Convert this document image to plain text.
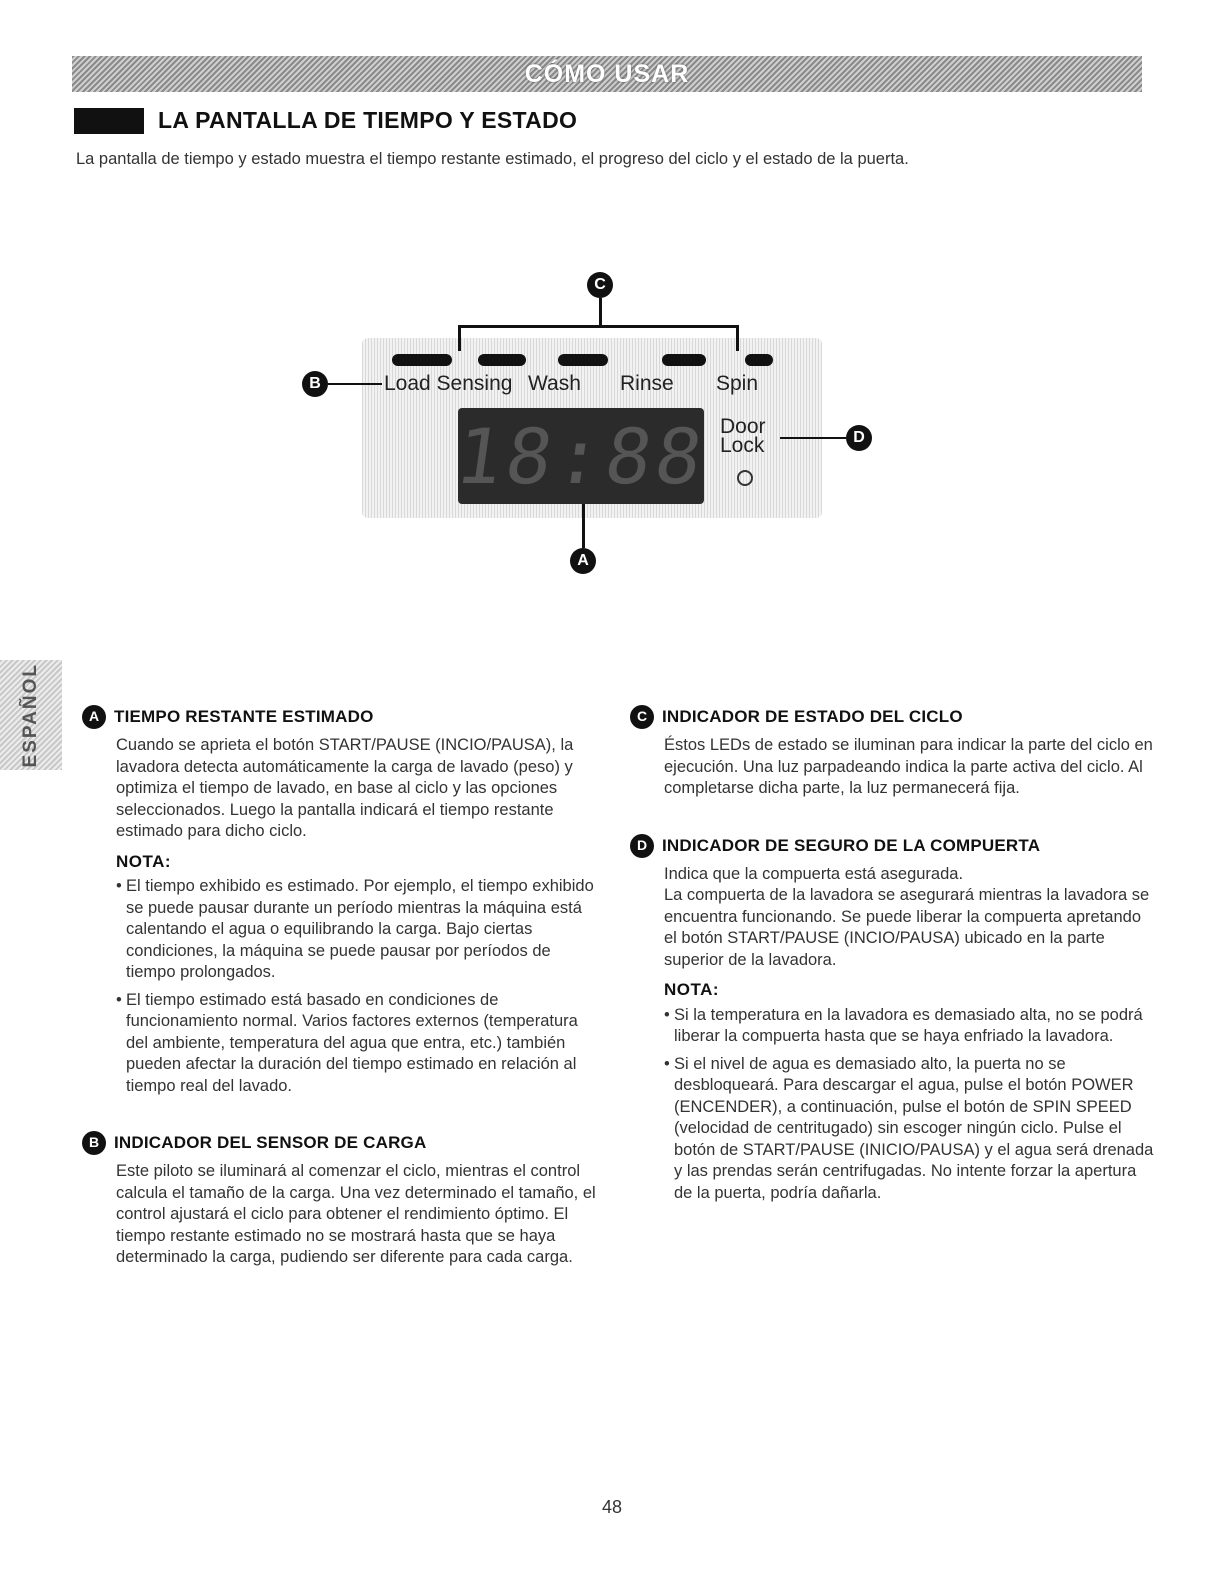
CÓMO USAR
LA PANTALLA DE TIEMPO Y ESTADO

La pantalla de tiempo y estado muestra el tiempo restante estimado, el progreso del ciclo y el estado de la puerta.

Load Sensing Wash Rinse Spin
Door
Lock
18:88
C
B
D
A
ESPAÑOL	A TIEMPO RESTANTE ESTIMADO

Cuando se aprieta el botón START/PAUSE (INCIO/PAUSA), la lavadora detecta automáticamente la carga de lavado (peso) y optimiza el tiempo de lavado, en base al ciclo y las opciones seleccionados. Luego la pantalla indicará el tiempo restante estimado para dicho ciclo.

NOTA:
• El tiempo exhibido es estimado. Por ejemplo, el tiempo exhibido se puede pausar durante un período mientras la máquina está calentando el agua o equilibrando la carga. Bajo ciertas condiciones, la máquina se puede pausar por períodos de tiempo prolongados.
• El tiempo estimado está basado en condiciones de funcionamiento normal. Varios factores externos (temperatura del ambiente, temperatura del agua que entra, etc.) también pueden afectar la duración del tiempo estimado en relación al tiempo real del lavado.
B INDICADOR DEL SENSOR DE CARGA

Este piloto se iluminará al comenzar el ciclo, mientras el control calcula el tamaño de la carga. Una vez determinado el tamaño, el control ajustará el ciclo para obtener el rendimiento óptimo. El tiempo restante estimado no se mostrará hasta que se haya determinado la carga, pudiendo ser diferente para cada carga.

C INDICADOR DE ESTADO DEL CICLO

Éstos LEDs de estado se iluminan para indicar la parte del ciclo en ejecución. Una luz parpadeando indica la parte activa del ciclo. Al completarse dicha parte, la luz permanecerá fija.

D INDICADOR DE SEGURO DE LA COMPUERTA

Indica que la compuerta está asegurada.

La compuerta de la lavadora se asegurará mientras la lavadora se encuentra funcionando. Se puede liberar la compuerta apretando el botón START/PAUSE (INCIO/PAUSA) ubicado en la parte superior de la lavadora.

NOTA:
• Si la temperatura en la lavadora es demasiado alta, no se podrá liberar la compuerta hasta que se haya enfriado la lavadora.
• Si el nivel de agua es demasiado alto, la puerta no se desbloqueará. Para descargar el agua, pulse el botón POWER (ENCENDER), a continuación, pulse el botón de SPIN SPEED (velocidad de centritugado) sin escoger ningún ciclo. Pulse el botón de START/PAUSE (INICIO/PAUSA) y el agua será drenada y las prendas serán centrifugadas. No intente forzar la apertura de la puerta, podría dañarla.
48
